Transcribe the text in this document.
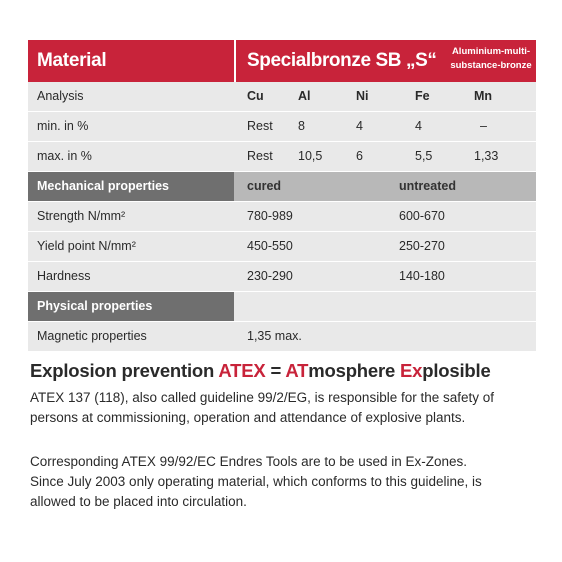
Material	Specialbronze SB „S“	Aluminium-multi-
substance-bronze
Analysis	Cu	Al	Ni	Fe	Mn
min. in %	Rest 8	4	4	–
max. in %	Rest 10,5	6	5,5	1,33
Mechanical properties	cured	untreated
Strength N/mm²	780-989	600-670
Yield point N/mm²	450-550	250-270
Hardness	230-290	140-180
Physical properties
Magnetic properties	1,35 max.
Explosion prevention ATEX = ATmosphere Explosible
ATEX 137 (118), also called guideline 99/2/EG, is responsible for the safety of
persons at commissioning, operation and attendance of explosive plants.
Corresponding ATEX 99/92/EC Endres Tools are to be used in Ex-Zones.
Since July 2003 only operating material, which conforms to this guideline, is
allowed to be placed into circulation.
